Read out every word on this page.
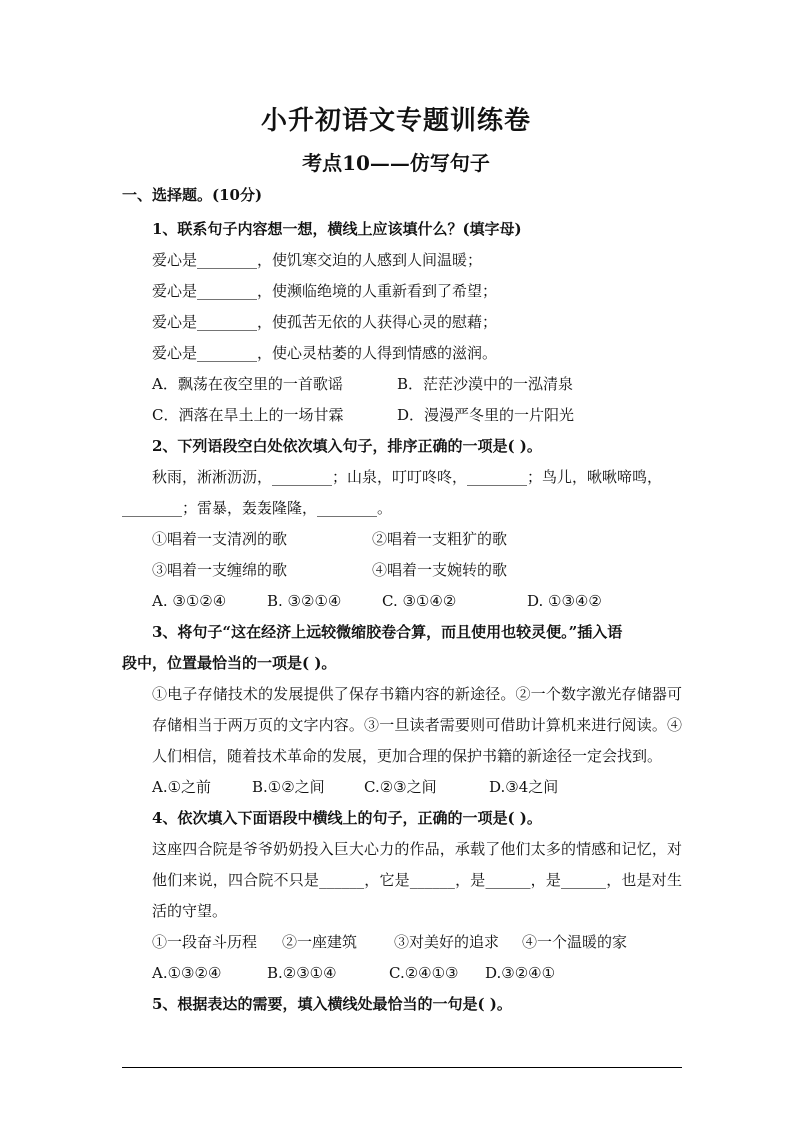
小升初语文专题训练卷
考点10——仿写句子

一、选择题。(10分)

1、联系句子内容想一想，横线上应该填什么？(填字母)

爱心是________，使饥寒交迫的人感到人间温暖；

爱心是________，使濒临绝境的人重新看到了希望；

爱心是________，使孤苦无依的人获得心灵的慰藉；

爱心是________，使心灵枯萎的人得到情感的滋润。

A．飘荡在夜空里的一首歌谣	B．茫茫沙漠中的一泓清泉
C．洒落在旱土上的一场甘霖	D．漫漫严冬里的一片阳光

2、下列语段空白处依次填入句子，排序正确的一项是( )。

秋雨，淅淅沥沥，________；山泉，叮叮咚咚，________；鸟儿，啾啾啼鸣，

________；雷暴，轰轰隆隆，________。

①唱着一支清冽的歌	②唱着一支粗犷的歌
③唱着一支缠绵的歌	④唱着一支婉转的歌
A. ③①②④	B. ③②①④	C. ③①④②	D. ①③④②

3、将句子“这在经济上远较微缩胶卷合算，而且使用也较灵便。”插入语

段中，位置最恰当的一项是( )。

①电子存储技术的发展提供了保存书籍内容的新途径。②一个数字激光存储器可存储相当于两万页的文字内容。③一旦读者需要则可借助计算机来进行阅读。④人们相信，随着技术革命的发展，更加合理的保护书籍的新途径一定会找到。

A.①之前	B.①②之间	C.②③之间	D.③4之间

4、依次填入下面语段中横线上的句子，正确的一项是( )。

这座四合院是爷爷奶奶投入巨大心力的作品，承载了他们太多的情感和记忆，对他们来说，四合院不只是______，它是______，是______，是______，也是对生活的守望。

①一段奋斗历程	②一座建筑	③对美好的追求	④一个温暖的家
A.①③②④	B.②③①④	C.②④①③	D.③②④①

5、根据表达的需要，填入横线处最恰当的一句是( )。
